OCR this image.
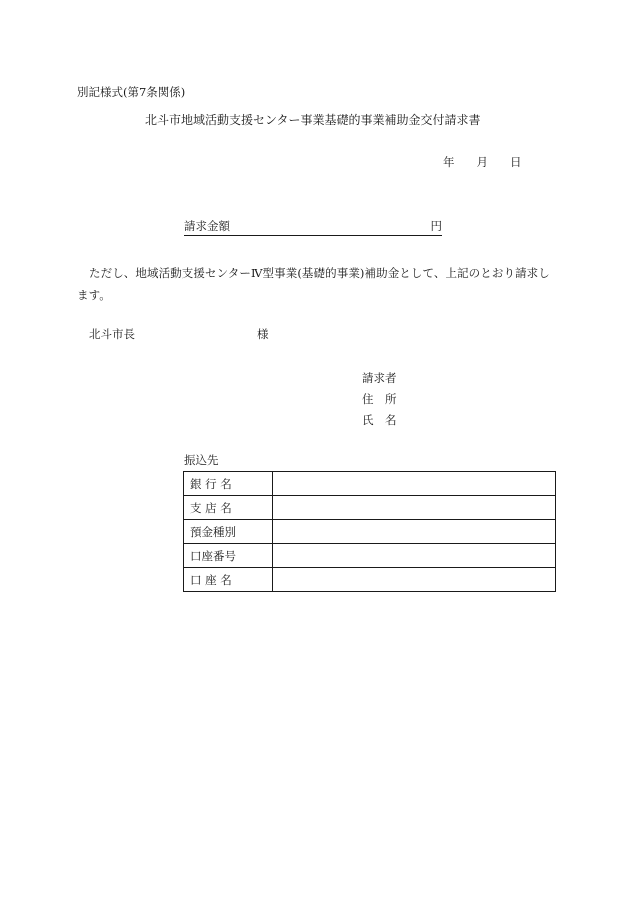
別記様式(第7条関係)
北斗市地域活動支援センター事業基礎的事業補助金交付請求書
年 月 日
請求金額	円
ただし、地域活動支援センターⅣ型事業(基礎的事業)補助金として、上記のとおり請求します。
北斗市長	様
請求者
住　所
氏　名
振込先
銀 行 名	
支 店 名	
預金種別	
口座番号	
口 座 名	
